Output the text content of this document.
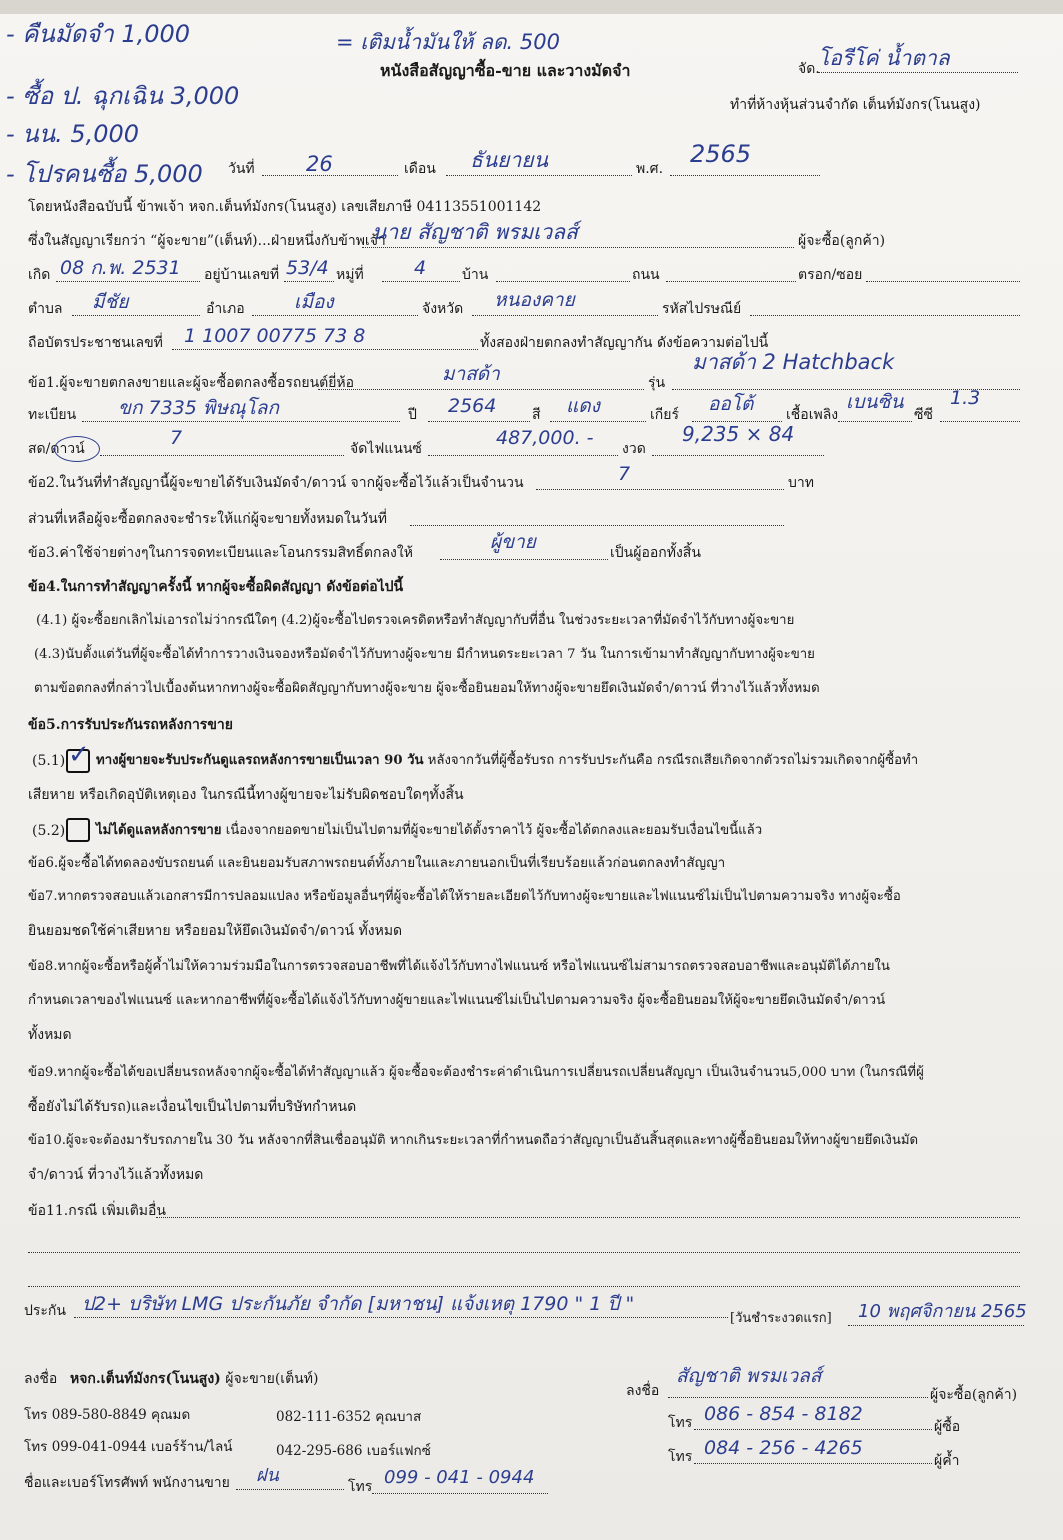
- คืนมัดจำ 1,000
- ซื้อ ป. ฉุกเฉิน 3,000
- นน. 5,000
- โปรคนซื้อ 5,000
= เติมน้ำมันให้ ลด. 500
หนังสือสัญญาซื้อ-ขาย และวางมัดจำ	จัด.
โอรีโค่ น้ำตาล
ทำที่ ห้างหุ้นส่วนจำกัด เต็นท์มังกร(โนนสูง)
วันที่ 26	เดือน ธันยายน	พ.ศ.
2565
โดยหนังสือฉบับนี้ ข้าพเจ้า หจก.เต็นท์มังกร(โนนสูง) เลขเสียภาษี 04113551001142
ซึ่งในสัญญาเรียกว่า “ผู้จะขาย”(เต็นท์)...ฝ่ายหนึ่งกับข้าพเจ้า
นาย สัญชาติ พรมเวลส์	ผู้จะซื้อ(ลูกค้า)
เกิด 08 ก.พ. 2531 อยู่บ้านเลขที่ 53/4 หมู่ที่	4	บ้าน	ถนน	ตรอก/ซอย
ตำบล มีชัย	อำเภอ	เมือง	จังหวัด หนองคาย	รหัสไปรษณีย์
ถือบัตรประชาชนเลขที่ 1 1007 00775 73 8	ทั้งสองฝ่ายตกลงทำสัญญากัน ดังข้อความต่อไปนี้
ข้อ1.ผู้จะขายตกลงขายและผู้จะซื้อตกลงซื้อรถยนต์ยี่ห้อ	มาสด้า	รุ่น
มาสด้า 2 Hatchback
ทะเบียน ขก 7335 พิษณุโลก	ปี 2564	สี แดง	เกียร์ ออโต้ เชื้อเพลิง
เบนซิน
ซีซี
1.3
สด/ดาวน์	7	จัดไฟแนนซ์	487,000. - งวด
9,235 × 84
ข้อ2.ในวันที่ทำสัญญานี้ผู้จะขายได้รับเงินมัดจำ/ดาวน์ จากผู้จะซื้อไว้แล้วเป็นจำนวน	7	บาท
ส่วนที่เหลือผู้จะซื้อตกลงจะชำระให้แก่ผู้จะขายทั้งหมดในวันที่
ข้อ3.ค่าใช้จ่ายต่างๆในการจดทะเบียนและโอนกรรมสิทธิ์ตกลงให้	ผู้ขาย	เป็นผู้ออกทั้งสิ้น
ข้อ4.ในการทำสัญญาครั้งนี้ หากผู้จะซื้อผิดสัญญา ดังข้อต่อไปนี้
(4.1) ผู้จะซื้อยกเลิกไม่เอารถไม่ว่ากรณีใดๆ (4.2)ผู้จะซื้อไปตรวจเครดิตหรือทำสัญญากับที่อื่น ในช่วงระยะเวลาที่มัดจำไว้กับทางผู้จะขาย
(4.3)นับตั้งแต่วันที่ผู้จะซื้อได้ทำการวางเงินจองหรือมัดจำไว้กับทางผู้จะขาย มีกำหนดระยะเวลา 7 วัน ในการเข้ามาทำสัญญากับทางผู้จะขาย
ตามข้อตกลงที่กล่าวไปเบื้องต้นหากทางผู้จะซื้อผิดสัญญากับทางผู้จะขาย ผู้จะซื้อยินยอมให้ทางผู้จะขายยึดเงินมัดจำ/ดาวน์ ที่วางไว้แล้วทั้งหมด
ข้อ5.การรับประกันรถหลังการขาย
(5.1) ✓ ทางผู้ขายจะรับประกันดูแลรถหลังการขายเป็นเวลา 90 วัน หลังจากวันที่ผู้ซื้อรับรถ การรับประกันคือ กรณีรถเสียเกิดจากตัวรถไม่รวมเกิดจากผู้ซื้อทำ
เสียหาย หรือเกิดอุบัติเหตุเอง ในกรณีนี้ทางผู้ขายจะไม่รับผิดชอบใดๆทั้งสิ้น
(5.2) ไม่ได้ดูแลหลังการขาย เนื่องจากยอดขายไม่เป็นไปตามที่ผู้จะขายได้ตั้งราคาไว้ ผู้จะซื้อได้ตกลงและยอมรับเงื่อนไขนี้แล้ว
ข้อ6.ผู้จะซื้อได้ทดลองขับรถยนต์ และยินยอมรับสภาพรถยนต์ทั้งภายในและภายนอกเป็นที่เรียบร้อยแล้วก่อนตกลงทำสัญญา
ข้อ7.หากตรวจสอบแล้วเอกสารมีการปลอมแปลง หรือข้อมูลอื่นๆที่ผู้จะซื้อได้ให้รายละเอียดไว้กับทางผู้จะขายและไฟแนนซ์ไม่เป็นไปตามความจริง ทางผู้จะซื้อ
ยินยอมชดใช้ค่าเสียหาย หรือยอมให้ยึดเงินมัดจำ/ดาวน์ ทั้งหมด
ข้อ8.หากผู้จะซื้อหรือผู้ค้ำไม่ให้ความร่วมมือในการตรวจสอบอาชีพที่ได้แจ้งไว้กับทางไฟแนนซ์ หรือไฟแนนซ์ไม่สามารถตรวจสอบอาชีพและอนุมัติได้ภายใน
กำหนดเวลาของไฟแนนซ์ และหากอาชีพที่ผู้จะซื้อได้แจ้งไว้กับทางผู้ขายและไฟแนนซ์ไม่เป็นไปตามความจริง ผู้จะซื้อยินยอมให้ผู้จะขายยึดเงินมัดจำ/ดาวน์
ทั้งหมด
ข้อ9.หากผู้จะซื้อได้ขอเปลี่ยนรถหลังจากผู้จะซื้อได้ทำสัญญาแล้ว ผู้จะซื้อจะต้องชำระค่าดำเนินการเปลี่ยนรถเปลี่ยนสัญญา เป็นเงินจำนวน5,000 บาท (ในกรณีที่ผู้
ซื้อยังไม่ได้รับรถ)และเงื่อนไขเป็นไปตามที่บริษัทกำหนด
ข้อ10.ผู้จะจะต้องมารับรถภายใน 30 วัน หลังจากที่สินเชื่ออนุมัติ หากเกินระยะเวลาที่กำหนดถือว่าสัญญาเป็นอันสิ้นสุดและทางผู้ซื้อยินยอมให้ทางผู้ขายยึดเงินมัด
จำ/ดาวน์ ที่วางไว้แล้วทั้งหมด
ข้อ11.กรณี เพิ่มเติมอื่น
ประกัน ป2+ บริษัท LMG ประกันภัย จำกัด [มหาชน] แจ้งเหตุ 1790 " 1 ปี "
[วันชำระงวดแรก] 10 พฤศจิกายน 2565
ลงชื่อ หจก.เต็นท์มังกร(โนนสูง) ผู้จะขาย(เต็นท์)
โทร 089-580-8849 คุณมด	082-111-6352 คุณบาส
โทร 099-041-0944 เบอร์ร้าน/ไลน์	042-295-686 เบอร์แฟกซ์
ชื่อและเบอร์โทรศัพท์ พนักงานขาย ฝน
โทร 099 - 041 - 0944
ลงชื่อ
สัญชาติ พรมเวลส์
ผู้จะซื้อ(ลูกค้า)
โทร 086 - 854 - 8182
ผู้ซื้อ
โทร 084 - 256 - 4265
ผู้ค้ำ
